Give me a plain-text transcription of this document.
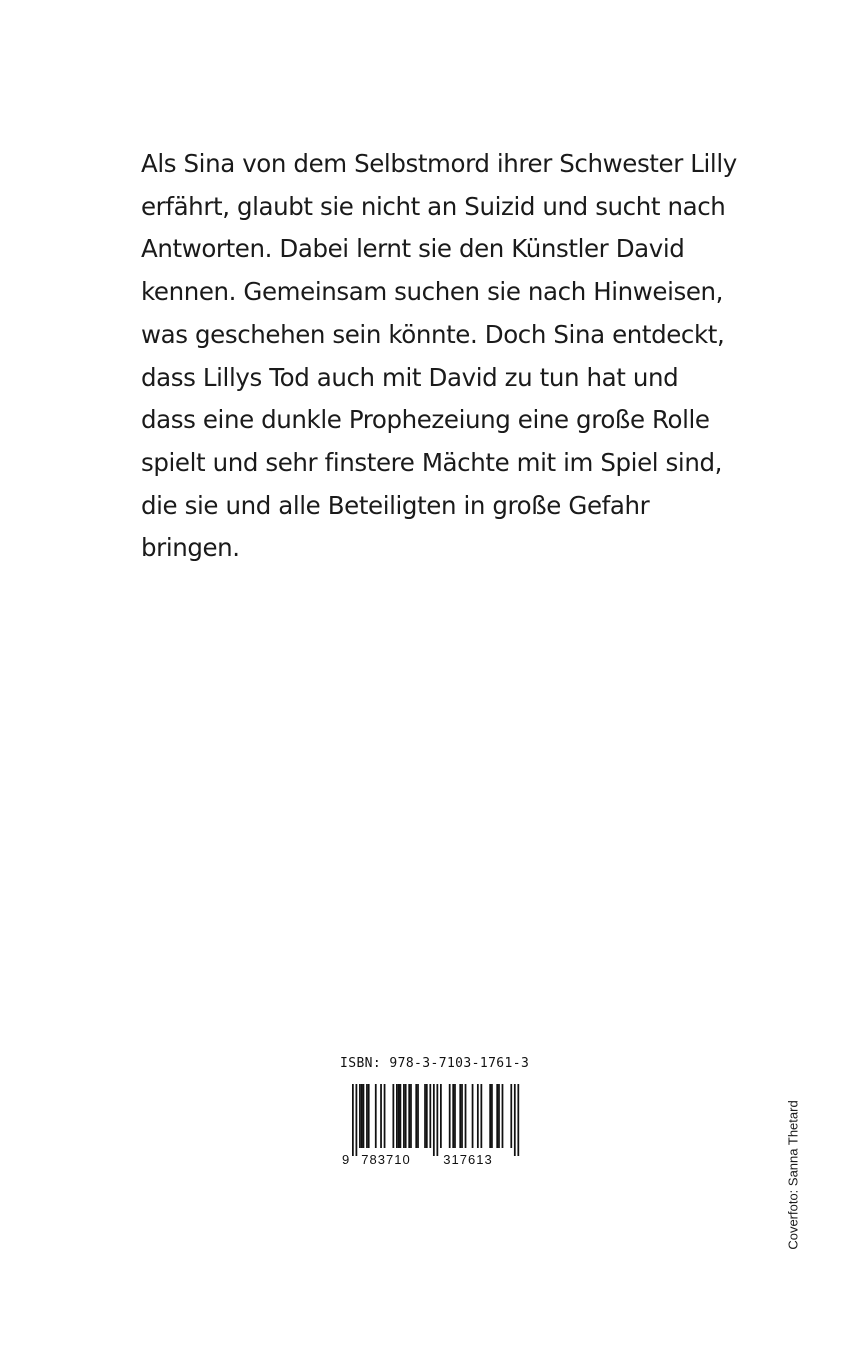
Als Sina von dem Selbstmord ihrer Schwester Lilly
erfährt, glaubt sie nicht an Suizid und sucht nach
Antworten. Dabei lernt sie den Künstler David
kennen. Gemeinsam suchen sie nach Hinweisen,
was geschehen sein könnte. Doch Sina entdeckt,
dass Lillys Tod auch mit David zu tun hat und
dass eine dunkle Prophezeiung eine große Rolle
spielt und sehr finstere Mächte mit im Spiel sind,
die sie und alle Beteiligten in große Gefahr
bringen.
ISBN: 978-3-7103-1761-3
9 783710	317613	Coverfoto: Sanna Thetard
